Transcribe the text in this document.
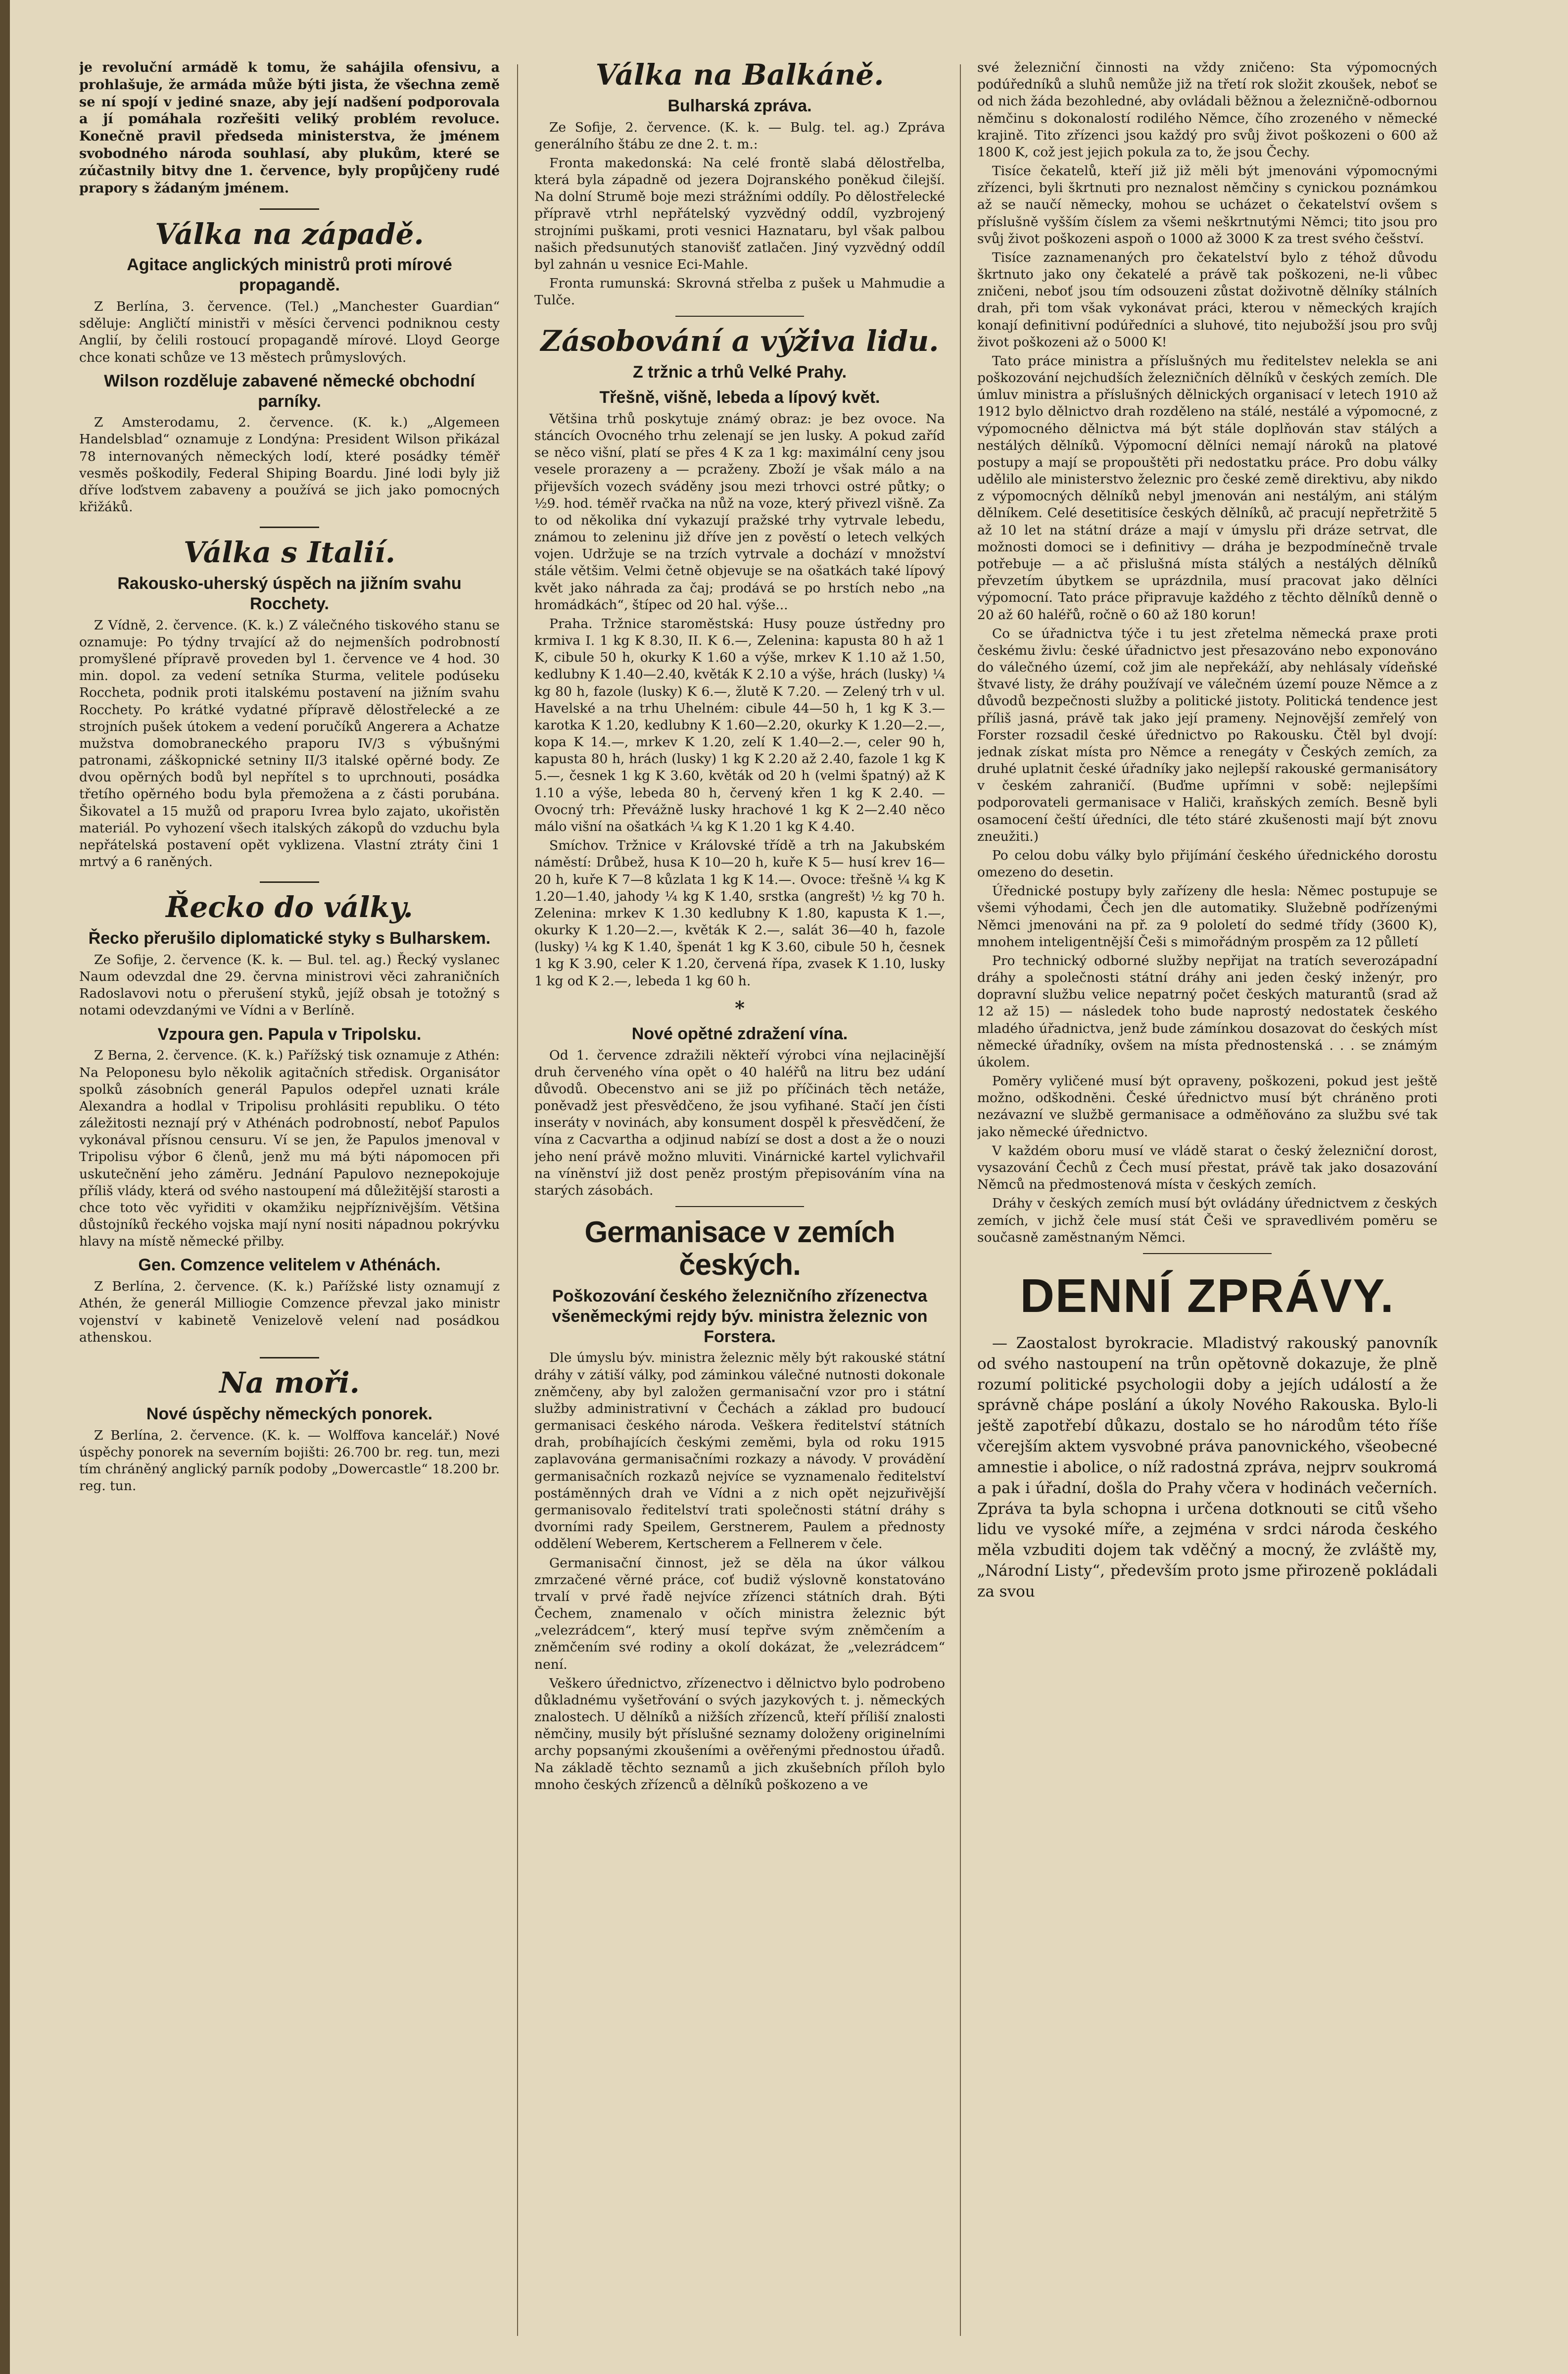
je revoluční armádě k tomu, že sahájila ofensivu, a prohlašuje, že armáda může býti jista, že všechna země se ní spojí v jediné snaze, aby její nadšení podporovala a jí pomáhala rozřešiti veliký problém revoluce. Konečně pravil předseda ministerstva, že jménem svobodného národa souhlasí, aby plukům, které se zúčastnily bitvy dne 1. července, byly propůjčeny rudé prapory s žádaným jménem.

Válka na západě.
Agitace anglických ministrů proti mírové propagandě.

Z Berlína, 3. července. (Tel.) „Manchester Guardian“ sděluje: Angličtí ministři v měsíci červenci podniknou cesty Anglií, by čelili rostoucí propagandě mírové. Lloyd George chce konati schůze ve 13 městech průmyslových.

Wilson rozděluje zabavené německé obchodní parníky.

Z Amsterodamu, 2. července. (K. k.) „Algemeen Handelsblad“ oznamuje z Londýna: President Wilson přikázal 78 internovaných německých lodí, které posádky téměř vesměs poškodily, Federal Shiping Boardu. Jiné lodi byly již dříve loďstvem zabaveny a používá se jich jako pomocných křižáků.

Válka s Italií.
Rakousko-uherský úspěch na jižním svahu Rocchety.

Z Vídně, 2. července. (K. k.) Z válečného tiskového stanu se oznamuje: Po týdny trvající až do nejmenších podrobností promyšlené přípravě proveden byl 1. července ve 4 hod. 30 min. dopol. za vedení setníka Sturma, velitele podúseku Rocchetа, podnik proti italskému postavení na jižním svahu Rocchety. Po krátké vydatné přípravě dělostřelecké a ze strojních pušek útokem a vedení poručíků Angerera a Achatze mužstva domobraneckého praporu IV/3 s výbušnými patronami, záškopnické setniny II/3 italské opěrné body. Ze dvou opěrných bodů byl nepřítel s to uprchnouti, posádka třetího opěrného bodu byla přemožena a z části porubána. Šikovatel a 15 mužů od praporu Ivrea bylo zajato, ukořistěn materiál. Po vyhození všech italských zákopů do vzduchu byla nepřátelská postavení opět vyklizena. Vlastní ztráty čini 1 mrtvý a 6 raněných.

Řecko do války.
Řecko přerušilo diplomatické styky s Bulharskem.

Ze Sofije, 2. července (K. k. — Bul. tel. ag.) Řecký vyslanec Naum odevzdal dne 29. června ministrovi věci zahraničních Radoslavovi notu o přerušení styků, jejíž obsah je totožný s notami odevzdanými ve Vídni a v Berlíně.

Vzpoura gen. Papula v Tripolsku.

Z Berna, 2. července. (K. k.) Pařížský tisk oznamuje z Athén: Na Peloponesu bylo několik agitačních středisk. Organisátor spolků zásobních generál Papulos odepřel uznati krále Alexandra a hodlal v Tripolisu prohlásiti republiku. O této záležitosti neznají prý v Athénách podrobností, neboť Papulos vykonával přísnou censuru. Ví se jen, že Papulos jmenoval v Tripolisu výbor 6 členů, jenž mu má býti nápomocen při uskutečnění jeho záměru. Jednání Papulovo neznepokojuje příliš vlády, která od svého nastoupení má důležitější starosti a chce toto věc vyřiditi v okamžiku nejpříznivějším. Většina důstojníků řeckého vojska mají nyní nositi nápadnou pokrývku hlavy na místě německé přilby.

Gen. Comzence velitelem v Athénách.

Z Berlína, 2. července. (K. k.) Pařížské listy oznamují z Athén, že generál Milliogie Comzence převzal jako ministr vojenství v kabinetě Venizelově velení nad posádkou athenskou.

Na moři.
Nové úspěchy německých ponorek.

Z Berlína, 2. července. (K. k. — Wolffova kancelář.) Nové úspěchy ponorek na severním bojišti: 26.700 br. reg. tun, mezi tím chráněný anglický parník podoby „Dowercastle“ 18.200 br. reg. tun.

Válka na Balkáně.
Bulharská zpráva.

Ze Sofije, 2. července. (K. k. — Bulg. tel. ag.) Zpráva generálního štábu ze dne 2. t. m.:

Fronta makedonská: Na celé frontě slabá dělostřelba, která byla západně od jezera Dojranského poněkud čilejší. Na dolní Strumě boje mezi strážními oddíly. Po dělostřelecké přípravě vtrhl nepřátelský vyzvědný oddíl, vyzbrojený strojními puškami, proti vesnici Haznataru, byl však palbou našich předsunutých stanovišť zatlačen. Jiný vyzvědný oddíl byl zahnán u vesnice Eci-Mahle.

Fronta rumunská: Skrovná střelba z pušek u Mahmudie a Tulče.

Zásobování a výživa lidu.
Z tržnic a trhů Velké Prahy.
Třešně, višně, lebeda a lípový květ.

Většina trhů poskytuje známý obraz: je bez ovoce. Na stáncích Ovocného trhu zelenají se jen lusky. A pokud zaříd se něco višní, platí se přes 4 K za 1 kg: maximální ceny jsou vesele prorazeny a — pcraženy. Zboží je však málo a na přijevších vozech sváděny jsou mezi trhovci ostré půtky; o ½9. hod. téměř rvačka na nůž na voze, který přivezl višně. Za to od několika dní vykazují pražské trhy vytrvale lebedu, známou to zeleninu již dříve jen z pověstí o letech velkých vojen. Udržuje se na trzích vytrvale a dochází v množství stále většim. Velmi četně objevuje se na ošatkách také lípový květ jako náhrada za čaj; prodává se po hrstích nebo „na hromádkách“, štípec od 20 hal. výše...

Praha. Tržnice staroměstská: Husy pouze ústředny pro krmiva I. 1 kg K 8.30, II. K 6.—, Zelenina: kapusta 80 h až 1 K, cibule 50 h, okurky K 1.60 a výše, mrkev K 1.10 až 1.50, kedlubny K 1.40—2.40, květák K 2.10 a výše, hrách (lusky) ¼ kg 80 h, fazole (lusky) K 6.—, žlutě K 7.20. — Zelený trh v ul. Havelské a na trhu Uhelném: cibule 44—50 h, 1 kg K 3.— karotka K 1.20, kedlubny K 1.60—2.20, okurky K 1.20—2.—, kopa K 14.—, mrkev K 1.20, zelí K 1.40—2.—, celer 90 h, kapusta 80 h, hrách (lusky) 1 kg K 2.20 až 2.40, fazole 1 kg K 5.—, česnek 1 kg K 3.60, květák od 20 h (velmi špatný) až K 1.10 a výše, lebeda 80 h, červený křen 1 kg K 2.40. — Ovocný trh: Převážně lusky hrachové 1 kg K 2—2.40 něco málo višní na ošatkách ¼ kg K 1.20 1 kg K 4.40.

Smíchov. Tržnice v Královské třídě a trh na Jakubském náměstí: Drůbež, husa K 10—20 h, kuře K 5— husí krev 16—20 h, kuře K 7—8 kůzlata 1 kg K 14.—. Ovoce: třešně ¼ kg K 1.20—1.40, jahody ¼ kg K 1.40, srstka (angrešt) ½ kg 70 h. Zelenina: mrkev K 1.30 kedlubny K 1.80, kapusta K 1.—, okurky K 1.20—2.—, květák K 2.—, salát 36—40 h, fazole (lusky) ¼ kg K 1.40, špenát 1 kg K 3.60, cibule 50 h, česnek 1 kg K 3.90, celer K 1.20, červená řípa, zvasek K 1.10, lusky 1 kg od K 2.—, lebeda 1 kg 60 h.

*
Nové opětné zdražení vína.

Od 1. července zdražili někteří výrobci vína nejlacinější druh červeného vína opět o 40 haléřů na litru bez udání důvodů. Obecenstvo ani se již po příčinách těch netáže, poněvadž jest přesvědčeno, že jsou vyfihané. Stačí jen čísti inseráty v novinách, aby konsument dospěl k přesvědčení, že vína z Cacvartha a odjinud nabízí se dost a dost a že o nouzi jeho není právě možno mluviti. Vinárnické kartel vylichvařil na víněnství již dost peněz prostým přepisováním vína na starých zásobách.

Germanisace v zemích českých.
Poškozování českého železničního zřízenectva všeněmeckými rejdy býv. ministra železnic von Forstera.

Dle úmyslu býv. ministra železnic měly být rakouské státní dráhy v zátiší války, pod záminkou válečné nutnosti dokonale zněmčeny, aby byl založen germanisační vzor pro i státní služby administrativní v Čechách a základ pro budoucí germanisaci českého národa. Veškera ředitelství státních drah, probíhajících českými zeměmi, byla od roku 1915 zaplavována germanisačními rozkazy a návody. V provádění germanisačních rozkazů nejvíce se vyznamenalo ředitelství postáměnných drah ve Vídni a z nich opět nejzuřivější germanisovalo ředitelství trati společnosti státní dráhy s dvorními rady Speilem, Gerstnerem, Paulem a přednosty oddělení Weberem, Kertscherem a Fellnerem v čele.

Germanisační činnost, jež se děla na úkor válkou zmrzačené věrné práce, coť budiž výslovně konstatováno trvalí v prvé řadě nejvíce zřízenci státních drah. Býti Čechem, znamenalo v očích ministra železnic být „velezrádcem“, který musí tepřve svým zněmčením a zněmčením své rodiny a okolí dokázat, že „velezrádcem“ není.

Veškero úřednictvo, zřízenectvo i dělnictvo bylo podrobeno důkladnému vyšetřování o svých jazykových t. j. německých znalostech. U dělníků a nižších zřízenců, kteří příliší znalosti němčiny, musily být příslušné seznamy doloženy originelními archy popsanými zkoušeními a ověřenými přednostou úřadů. Na základě těchto seznamů a jich zkušebních příloh bylo mnoho českých zřízenců a dělníků poškozeno a ve

své železniční činnosti na vždy zničeno: Sta výpomocných podúředníků a sluhů nemůže již na třetí rok složit zkoušek, neboť se od nich žáda bezohledné, aby ovládali běžnou a železničně-odbornou němčinu s dokonalostí rodilého Němce, čího zrozeného v německé krajině. Tito zřízenci jsou každý pro svůj život poškozeni o 600 až 1800 K, což jest jejich pokula za to, že jsou Čechy.

Tisíce čekatelů, kteří již již měli být jmenováni výpomocnými zřízenci, byli škrtnuti pro neznalost němčiny s cynickou poznámkou až se naučí německy, mohou se ucházet o čekatelství ovšem s příslušně vyšším číslem za všemi neškrtnutými Němci; tito jsou pro svůj život poškozeni aspoň o 1000 až 3000 K za trest svého češství.

Tisíce zaznamenaných pro čekatelství bylo z téhož důvodu škrtnuto jako ony čekatelé a právě tak poškozeni, ne-li vůbec zničeni, neboť jsou tím odsouzeni zůstat doživotně dělníky stálních drah, při tom však vykonávat práci, kterou v německých krajích konají definitivní podúředníci a sluhové, tito nejubožší jsou pro svůj život poškozeni až o 5000 K!

Tato práce ministra a příslušných mu ředitelstev nelekla se ani poškozování nejchudších železničních dělníků v českých zemích. Dle úmluv ministra a příslušných dělnických organisací v letech 1910 až 1912 bylo dělnictvo drah rozděleno na stálé, nestálé a výpomocné, z výpomocného dělnictva má být stále doplňován stav stálých a nestálých dělníků. Výpomocní dělníci nemají nároků na platové postupy a mají se propouštěti při nedostatku práce. Pro dobu války udělilo ale ministerstvo železnic pro české země direktivu, aby nikdo z výpomocných dělníků nebyl jmenován ani nestálým, ani stálým dělníkem. Celé desetitisíce českých dělníků, ač pracují nepřetržitě 5 až 10 let na státní dráze a mají v úmyslu při dráze setrvat, dle možnosti domoci se i definitivy — dráha je bezpodmínečně trvale potřebuje — a ač přislušná místa stálých a nestálých dělníků převzetím úbytkem se uprázdnila, musí pracovat jako dělníci výpomocní. Tato práce připravuje každého z těchto dělníků denně o 20 až 60 haléřů, ročně o 60 až 180 korun!

Co se úřadnictva týče i tu jest zřetelma německá praxe proti českému živlu: české úřadnictvo jest přesazováno nebo exponováno do válečného území, což jim ale nepřekáží, aby nehlásaly vídeňské štvavé listy, že dráhy používají ve válečném území pouze Němce a z důvodů bezpečnosti služby a politické jistoty. Politická tendence jest příliš jasná, právě tak jako její prameny. Nejnovější zemřelý von Forster rozsadil české úřednictvo po Rakousku. Čtěl byl dvojí: jednak získat místa pro Němce a renegáty v Českých zemích, za druhé uplatnit české úřadníky jako nejlepší rakouské germanisátory v českém zahraničí. (Buďme upřímni v sobě: nejlepšími podporovateli germanisace v Haliči, kraňských zemích. Besně byli osamocení čeští úředníci, dle této stáré zkušenosti mají být znovu zneužiti.)

Po celou dobu války bylo přijímání českého úřednického dorostu omezeno do desetin.

Úřednické postupy byly zařízeny dle hesla: Němec postupuje se všemi výhodami, Čech jen dle automatiky. Služebně podřízenými Němci jmenováni na př. za 9 pololetí do sedmé třídy (3600 K), mnohem inteligentnější Češi s mimořádným prospěm za 12 půlletí

Pro technický odborné služby nepřijat na tratích severozápadní dráhy a společnosti státní dráhy ani jeden český inženýr, pro dopravní službu velice nepatrný počet českých maturantů (srad až 12 až 15) — následek toho bude naprostý nedostatek českého mladého úřadnictva, jenž bude zámínkou dosazovat do českých míst německé úřadníky, ovšem na místa přednostenská . . . se známým úkolem.

Poměry vyličené musí být opraveny, poškozeni, pokud jest ještě možno, odškodněni. České úřednictvo musí být chráněno proti nezávazní ve službě germanisace a odměňováno za službu své tak jako německé úřednictvo.

V každém oboru musí ve vládě starat o český železniční dorost, vysazování Čechů z Čech musí přestat, právě tak jako dosazování Němců na předmostenová místa v českých zemích.

Dráhy v českých zemích musí být ovládány úřednictvem z českých zemích, v jichž čele musí stát Češi ve spravedlivém poměru se současně zaměstnaným Němci.

DENNÍ ZPRÁVY.

— Zaostalost byrokracie. Mladistvý rakouský panovník od svého nastoupení na trůn opětovně dokazuje, že plně rozumí politické psychologii doby a jejích událostí a že správně chápe poslání a úkoly Nového Rakouska. Bylo-li ještě zapotřebí důkazu, dostalo se ho národům této říše včerejším aktem vysvobné práva panovnického, všeobecné amnestie i abolice, o níž radostná zpráva, nejprv soukromá a pak i úřadní, došla do Prahy včera v hodinách večerních. Zpráva ta byla schopna i určena dotknouti se citů všeho lidu ve vysoké míře, a zejména v srdci národa českého měla vzbuditi dojem tak vděčný a mocný, že zvláště my, „Národní Listy“, především proto jsme přirozeně pokládali za svou
